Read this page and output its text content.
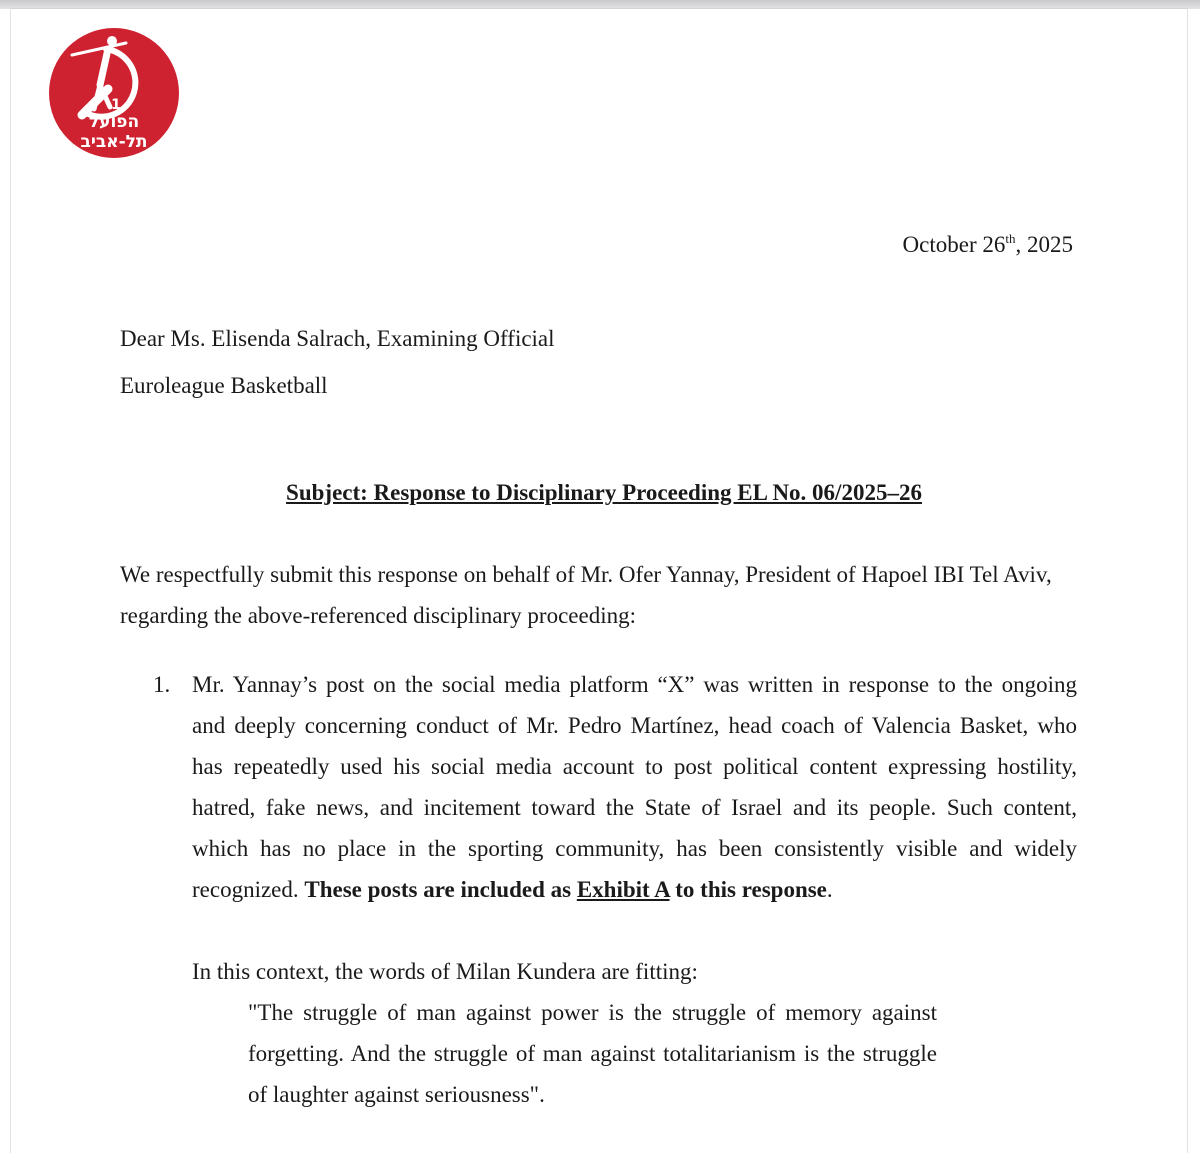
1
הפועל
תל-אביב
October 26th, 2025
Dear Ms. Elisenda Salrach, Examining Official
Euroleague Basketball
Subject: Response to Disciplinary Proceeding EL No. 06/2025–26
We respectfully submit this response on behalf of Mr. Ofer Yannay, President of Hapoel IBI Tel Aviv,
regarding the above-referenced disciplinary proceeding:
1. Mr. Yannay’s post on the social media platform “X” was written in response to the ongoing
and deeply concerning conduct of Mr. Pedro Martínez, head coach of Valencia Basket, who
has repeatedly used his social media account to post political content expressing hostility,
hatred, fake news, and incitement toward the State of Israel and its people. Such content,
which has no place in the sporting community, has been consistently visible and widely
recognized. These posts are included as Exhibit A to this response.
In this context, the words of Milan Kundera are fitting:
"The struggle of man against power is the struggle of memory against
forgetting. And the struggle of man against totalitarianism is the struggle
of laughter against seriousness".
